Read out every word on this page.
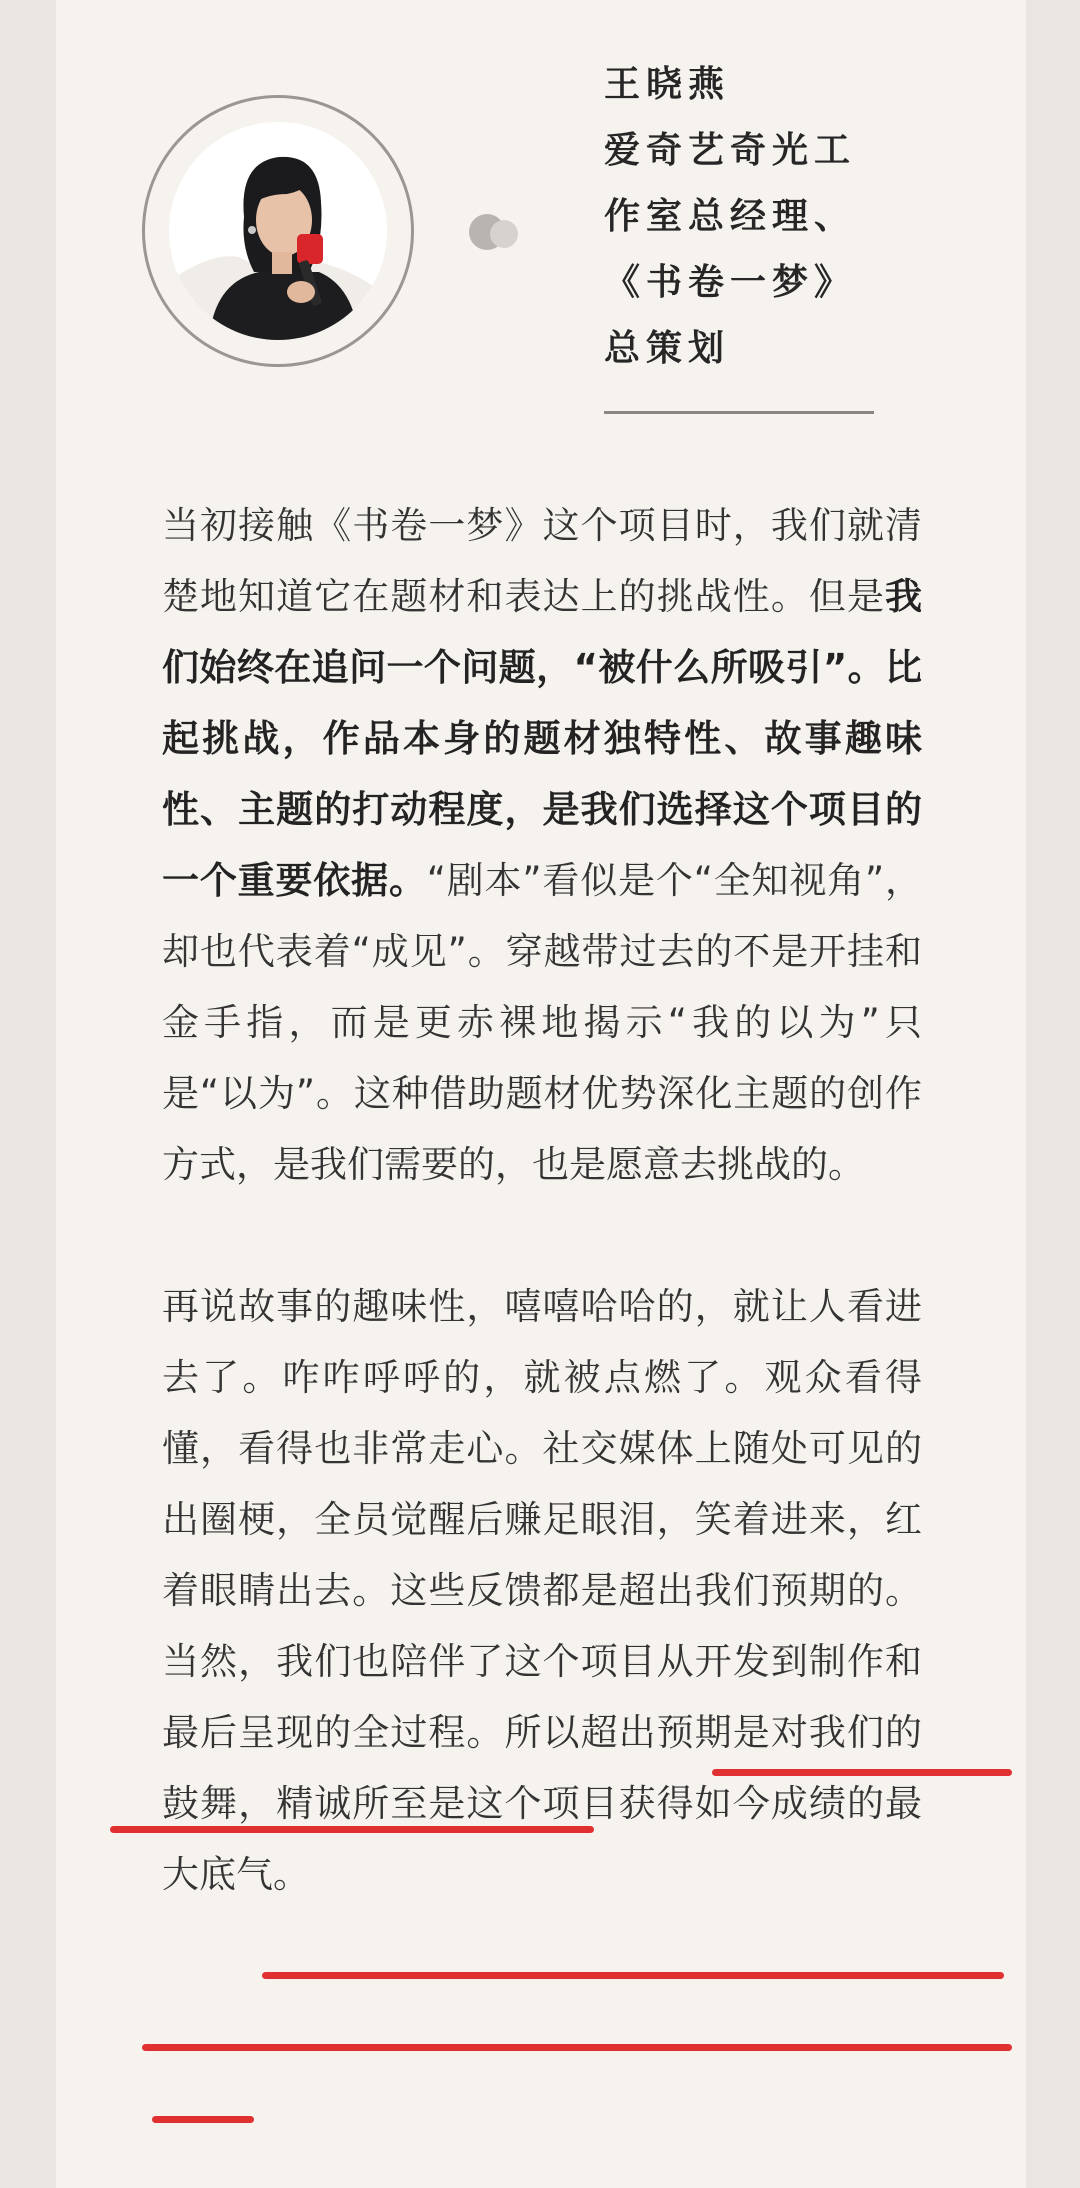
王晓燕
爱奇艺奇光工
作室总经理、
《书卷一梦》
总策划

当初接触《书卷一梦》这个项目时，我们就清楚地知道它在题材和表达上的挑战性。但是我们始终在追问一个问题，“被什么所吸引”。比起挑战，作品本身的题材独特性、故事趣味性、主题的打动程度，是我们选择这个项目的一个重要依据。“剧本”看似是个“全知视角”，却也代表着“成见”。穿越带过去的不是开挂和金手指，而是更赤裸地揭示“我的以为”只是“以为”。这种借助题材优势深化主题的创作方式，是我们需要的，也是愿意去挑战的。

再说故事的趣味性，嘻嘻哈哈的，就让人看进去了。咋咋呼呼的，就被点燃了。观众看得懂，看得也非常走心。社交媒体上随处可见的出圈梗，全员觉醒后赚足眼泪，笑着进来，红着眼睛出去。这些反馈都是超出我们预期的。当然，我们也陪伴了这个项目从开发到制作和最后呈现的全过程。所以超出预期是对我们的鼓舞，精诚所至是这个项目获得如今成绩的最大底气。
